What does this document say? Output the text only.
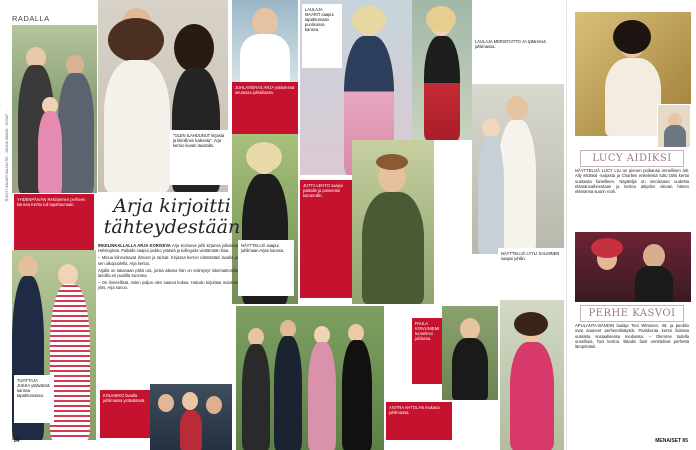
RADALLA
TEKSTI SAKARI MAJANTIE · JONNA IDMAN · KUVAT ...	YHDENPÄIVÄN Rekiniemen perheen kanssa Kerttu tuli tapahtumaan.
"OLEN ILAHDUNUT kirjasta ja kiitollinen kaikesta", Arja kertoo kuvan taustalla.
JUHLAVIERAS ARJA ystäviensä seurassa juhlaillassa.
NÄYTTELIJÄ saapui juhlimaan Arjan kanssa.
LAULAJA MAARIT saapui tapahtumaan puolisonsa kanssa.
JUTTA LEHTO saapui paikalle ja poseerasi kameroille.
LAULAJA MERISTAITTO JA tyttärensä juhlimassa.
NÄYTTELIJÄ LYYLI SALMINEN saapui juhliin.
Arja kirjoitti tähteydestään

IRKELINKALLALLA ARJA KORISEVA Arja Koriseva juhli kirjansa julkaisua Helsingissä. Paikalle saapui joukko ystäviä ja kollegoita viettämään iltaa.

– Minua kiinnostavat ihmiset ja tarinat. Kirjassa kerron elämästäni lavalla ja sen ulkopuolella, Arja kertoo.

Arjalla on takanaan pitkä ura, jonka aikana hän on esiintynyt lukemattomilla lavoilla eri puolilla Suomea.

– On ihmeellistä, miten paljon olen saanut kokea. Halusin kirjoittaa muistoni ylös, Arja sanoo.

TUOTTAJA JUKKA ystävänsä kanssa tapahtumassa.	KOLMIKKO lavalla juhlimassa ystäväänsä.
ANITRA AHTOLAN mukana juhlimassa.
PAULA KOIVUNIEMI tunnelmoi juhlassa.
84
LUCY AIDIKSI
NÄYTTELIJÄ LUCY LIU on pienen poikansa onnellinen äiti. Ally McBeal -sarjasta ja Charlien enkeleistä tuttu tähti kertoi uutisesta faneilleen. Näyttelijä on innoissaan uudesta elämänvaiheestaan ja kertoo äitiyden olevan hänen elämänsä suurin rooli.
PERHE KASVOI
APULANTA-BÄNDIN laulaja Toni Wirtanen, 39, ja puoliso ovat saaneet perheenlisäystä. Pariskunta kertoi iloisista uutisista sosiaalisessa mediassa. – Olemme todella onnellisia, Toni kertoo. Bändin fanit onnittelivat perhettä lämpimästi.
MENAISET 85
